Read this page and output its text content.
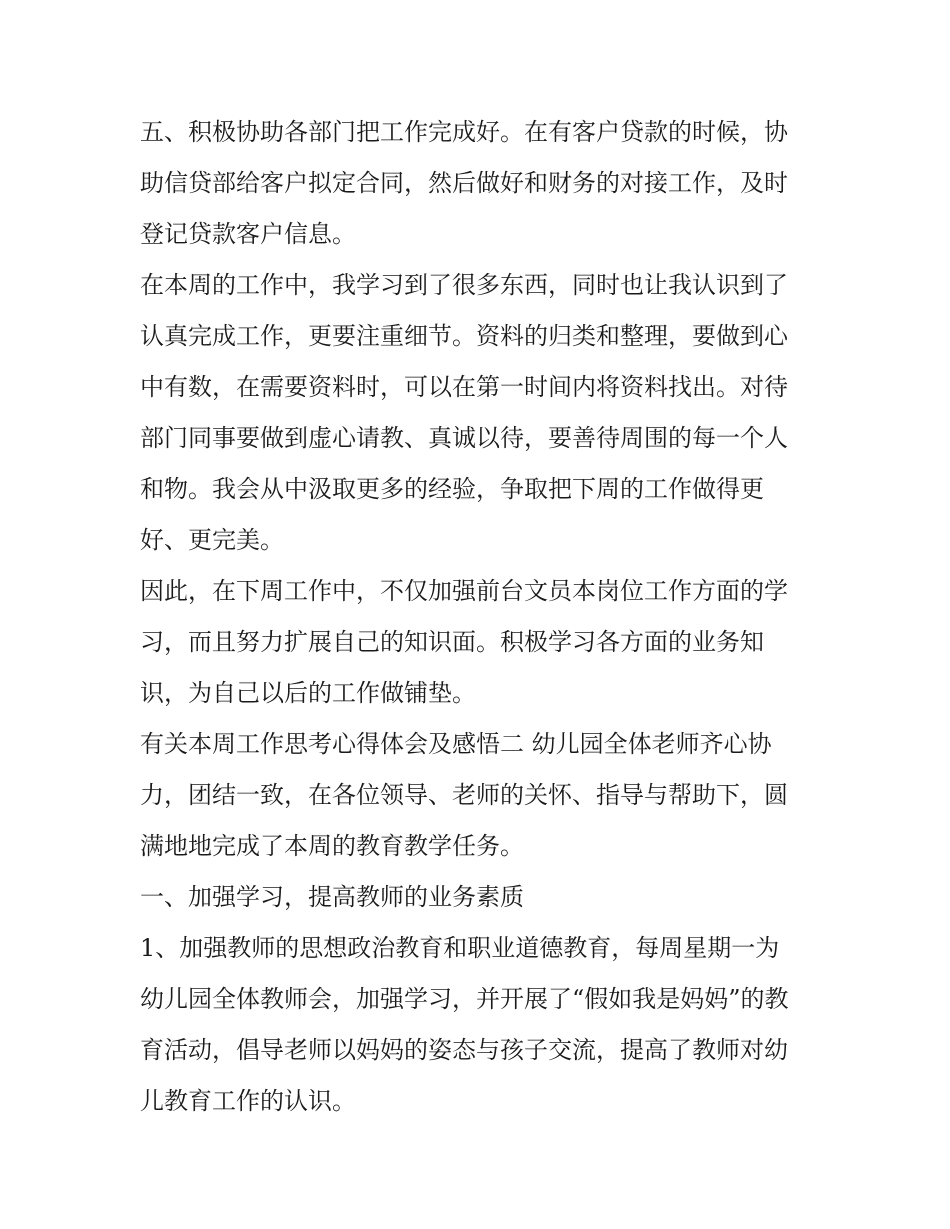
五、积极协助各部门把工作完成好。在有客户贷款的时候，协
助信贷部给客户拟定合同，然后做好和财务的对接工作，及时
登记贷款客户信息。
在本周的工作中，我学习到了很多东西，同时也让我认识到了
认真完成工作，更要注重细节。资料的归类和整理，要做到心
中有数，在需要资料时，可以在第一时间内将资料找出。对待
部门同事要做到虚心请教、真诚以待，要善待周围的每一个人
和物。我会从中汲取更多的经验，争取把下周的工作做得更
好、更完美。
因此，在下周工作中，不仅加强前台文员本岗位工作方面的学
习，而且努力扩展自己的知识面。积极学习各方面的业务知
识，为自己以后的工作做铺垫。
有关本周工作思考心得体会及感悟二 幼儿园全体老师齐心协
力，团结一致，在各位领导、老师的关怀、指导与帮助下，圆
满地地完成了本周的教育教学任务。
一、加强学习，提高教师的业务素质
1、加强教师的思想政治教育和职业道德教育，每周星期一为
幼儿园全体教师会，加强学习，并开展了“假如我是妈妈”的教
育活动，倡导老师以妈妈的姿态与孩子交流，提高了教师对幼
儿教育工作的认识。
